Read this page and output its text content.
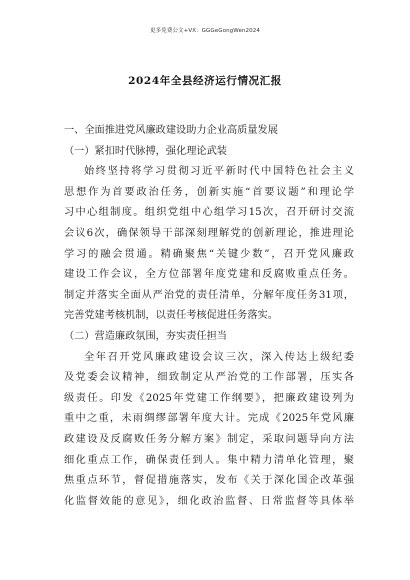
更多免费公文+VX：GGGeGongWen2024
2024年全县经济运行情况汇报
一、全面推进党风廉政建设助力企业高质量发展
（一）紧扣时代脉搏，强化理论武装
始终坚持将学习贯彻习近平新时代中国特色社会主义
思想作为首要政治任务，创新实施“首要议题”和理论学
习中心组制度。组织党组中心组学习15次，召开研讨交流
会议6次，确保领导干部深刻理解党的创新理论，推进理论
学习的融会贯通。精确聚焦“关键少数”，召开党风廉政
建设工作会议，全方位部署年度党建和反腐败重点任务。
制定并落实全面从严治党的责任清单，分解年度任务31项，
完善党建考核机制，以责任考核促进任务落实。
（二）营造廉政氛围，夯实责任担当
全年召开党风廉政建设会议三次，深入传达上级纪委
及党委会议精神，细致制定从严治党的工作部署，压实各
级责任。印发《2025年党建工作纲要》，把廉政建设列为
重中之重，未雨绸缪部署年度大计。完成《2025年党风廉
政建设及反腐败任务分解方案》制定，采取问题导向方法
细化重点工作，确保责任到人。集中精力清单化管理，聚
焦重点环节，督促措施落实，发布《关于深化国企改革强
化监督效能的意见》，细化政治监督、日常监督等具体举
